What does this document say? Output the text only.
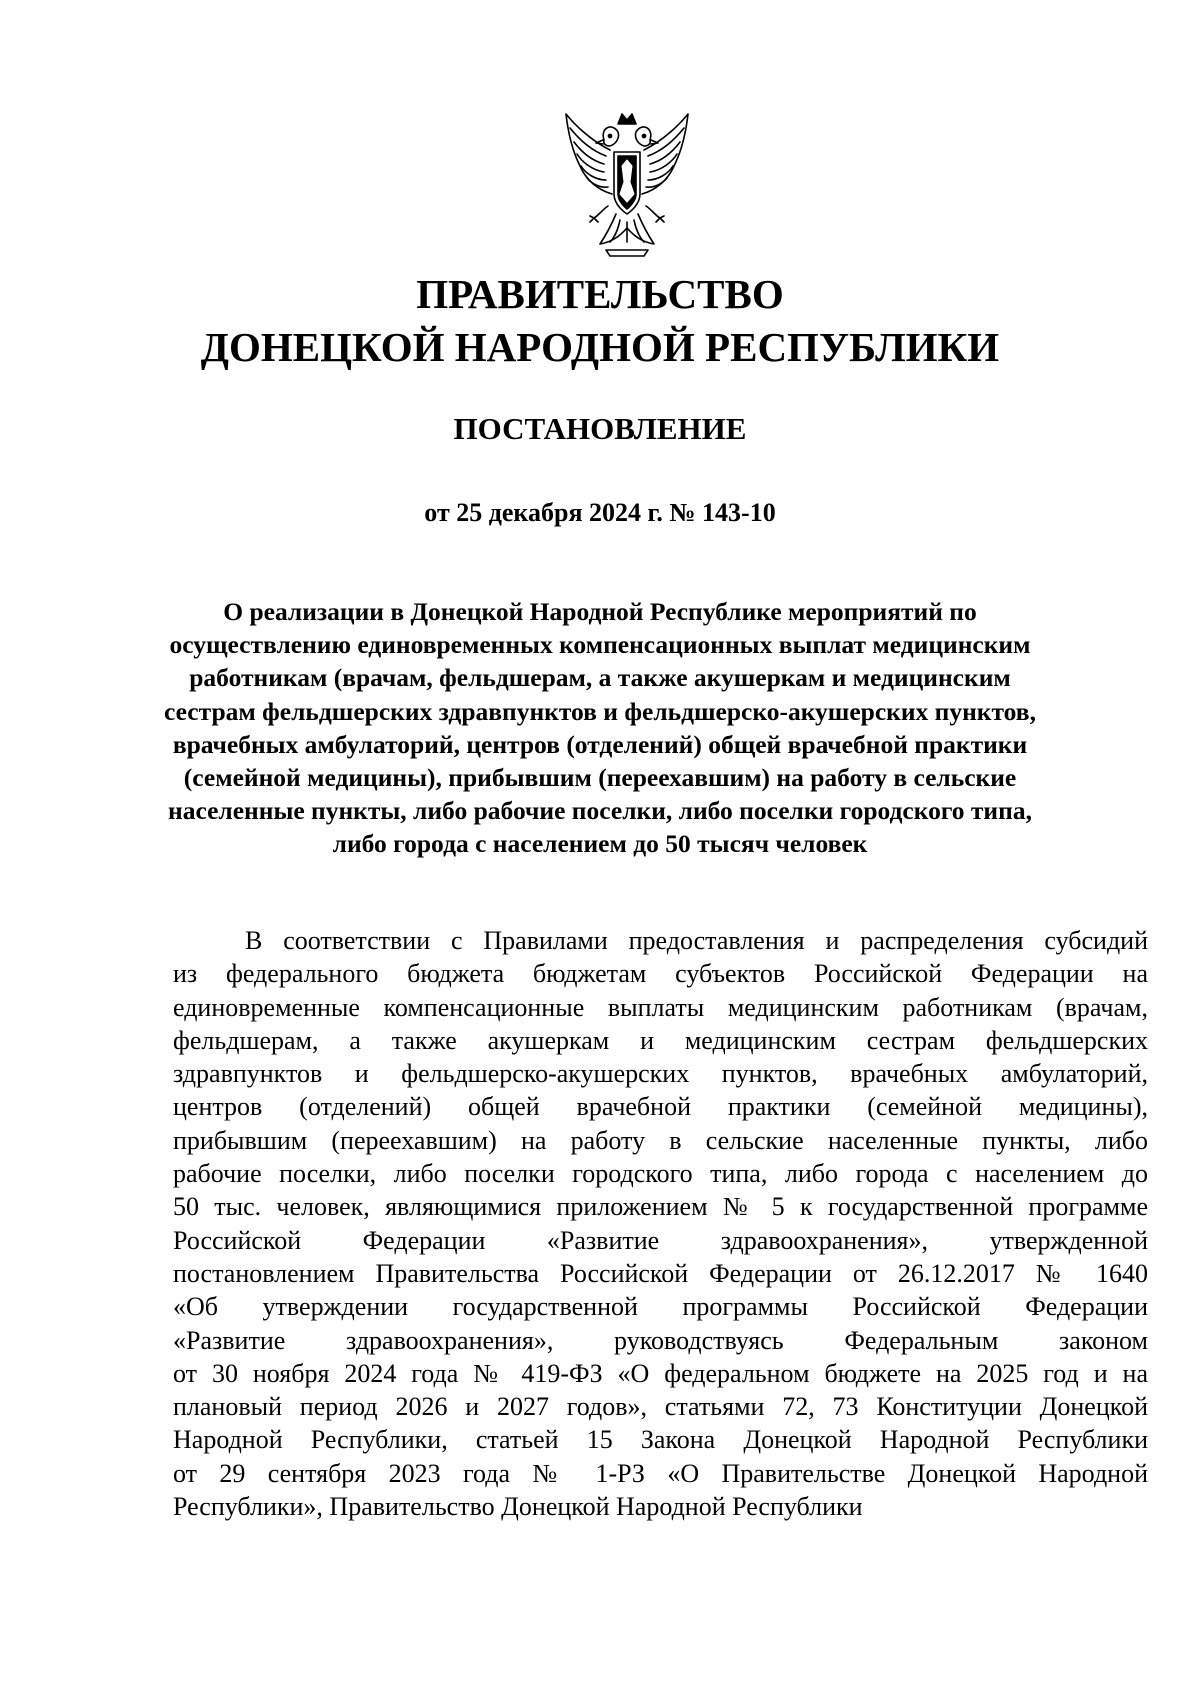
ПРАВИТЕЛЬСТВО
ДОНЕЦКОЙ НАРОДНОЙ РЕСПУБЛИКИ
ПОСТАНОВЛЕНИЕ
от 25 декабря 2024 г. № 143-10
О реализации в Донецкой Народной Республике мероприятий по
осуществлению единовременных компенсационных выплат медицинским
работникам (врачам, фельдшерам, а также акушеркам и медицинским
сестрам фельдшерских здравпунктов и фельдшерско-акушерских пунктов,
врачебных амбулаторий, центров (отделений) общей врачебной практики
(семейной медицины), прибывшим (переехавшим) на работу в сельские
населенные пункты, либо рабочие поселки, либо поселки городского типа,
либо города с населением до 50 тысяч человек
В соответствии с Правилами предоставления и распределения субсидий
из федерального бюджета бюджетам субъектов Российской Федерации на
единовременные компенсационные выплаты медицинским работникам (врачам,
фельдшерам, а также акушеркам и медицинским сестрам фельдшерских
здравпунктов и фельдшерско-акушерских пунктов, врачебных амбулаторий,
центров (отделений) общей врачебной практики (семейной медицины),
прибывшим (переехавшим) на работу в сельские населенные пункты, либо
рабочие поселки, либо поселки городского типа, либо города с населением до
50 тыс. человек, являющимися приложением № 5 к государственной программе
Российской Федерации «Развитие здравоохранения», утвержденной
постановлением Правительства Российской Федерации от 26.12.2017 № 1640
«Об утверждении государственной программы Российской Федерации
«Развитие здравоохранения», руководствуясь Федеральным законом
от 30 ноября 2024 года № 419-ФЗ «О федеральном бюджете на 2025 год и на
плановый период 2026 и 2027 годов», статьями 72, 73 Конституции Донецкой
Народной Республики, статьей 15 Закона Донецкой Народной Республики
от 29 сентября 2023 года № 1-РЗ «О Правительстве Донецкой Народной
Республики», Правительство Донецкой Народной Республики
